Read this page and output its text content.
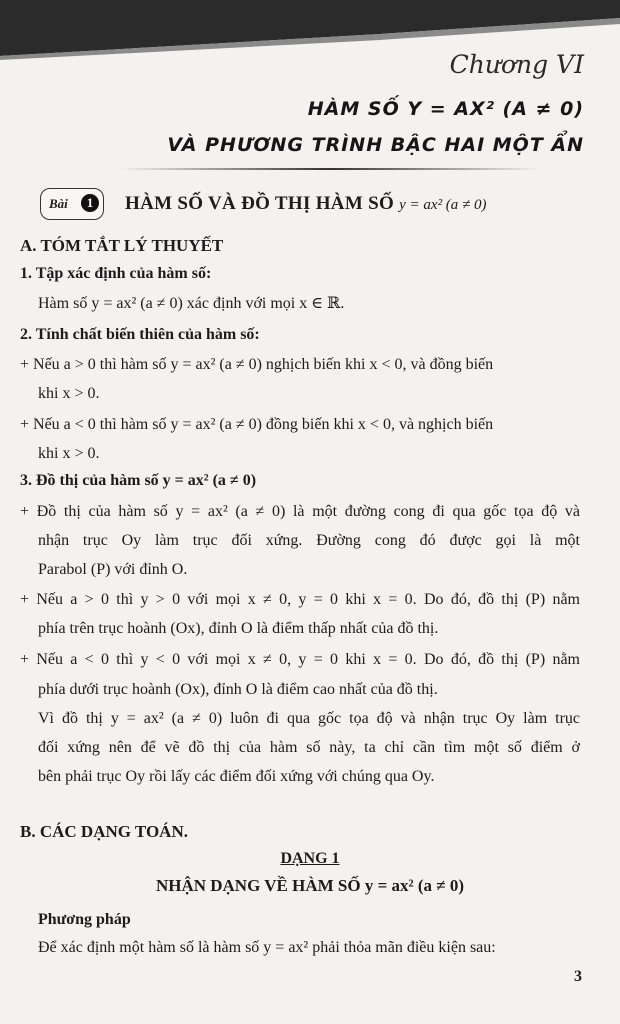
Chương VI
HÀM SỐ Y = AX² (A ≠ 0)
VÀ PHƯƠNG TRÌNH BẬC HAI MỘT ẨN
Bài	1	HÀM SỐ VÀ ĐỒ THỊ HÀM SỐ y = ax² (a ≠ 0)

A. TÓM TẮT LÝ THUYẾT

1. Tập xác định của hàm số:

Hàm số y = ax² (a ≠ 0) xác định với mọi x ∈ ℝ.

2. Tính chất biến thiên của hàm số:

+ Nếu a > 0 thì hàm số y = ax² (a ≠ 0) nghịch biến khi x < 0, và đồng biến

khi x > 0.

+ Nếu a < 0 thì hàm số y = ax² (a ≠ 0) đồng biến khi x < 0, và nghịch biến

khi x > 0.

3. Đồ thị của hàm số y = ax² (a ≠ 0)

+ Đồ thị của hàm số y = ax² (a ≠ 0) là một đường cong đi qua gốc tọa độ và

nhận trục Oy làm trục đối xứng. Đường cong đó được gọi là một

Parabol (P) với đỉnh O.

+ Nếu a > 0 thì y > 0 với mọi x ≠ 0, y = 0 khi x = 0. Do đó, đồ thị (P) nằm

phía trên trục hoành (Ox), đỉnh O là điểm thấp nhất của đồ thị.

+ Nếu a < 0 thì y < 0 với mọi x ≠ 0, y = 0 khi x = 0. Do đó, đồ thị (P) nằm

phía dưới trục hoành (Ox), đỉnh O là điểm cao nhất của đồ thị.

Vì đồ thị y = ax² (a ≠ 0) luôn đi qua gốc tọa độ và nhận trục Oy làm trục

đối xứng nên để vẽ đồ thị của hàm số này, ta chỉ cần tìm một số điểm ở

bên phải trục Oy rồi lấy các điểm đối xứng với chúng qua Oy.

B. CÁC DẠNG TOÁN.

DẠNG 1

NHẬN DẠNG VỀ HÀM SỐ y = ax² (a ≠ 0)

Phương pháp

Để xác định một hàm số là hàm số y = ax² phải thỏa mãn điều kiện sau:

3
